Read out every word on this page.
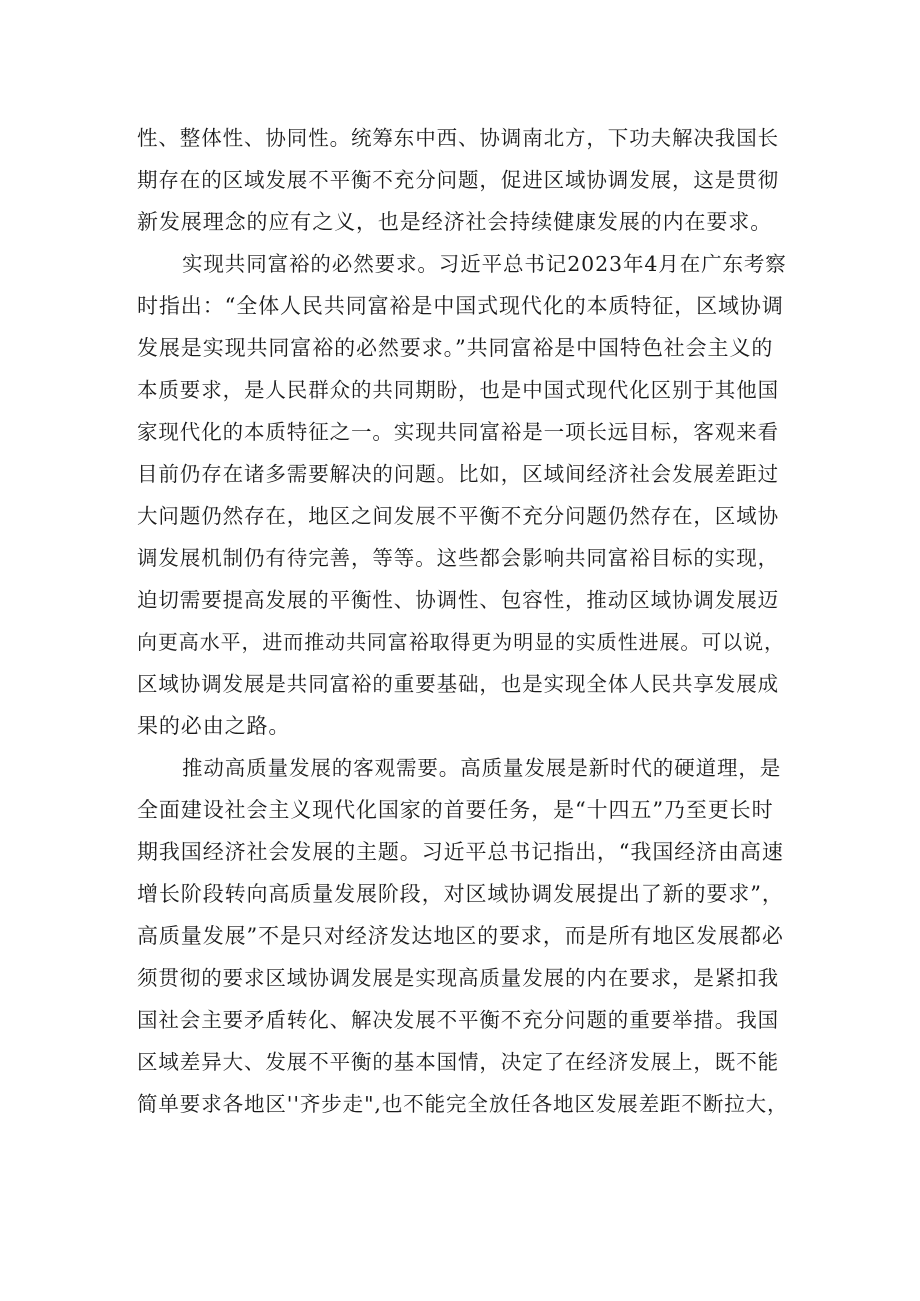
性、整体性、协同性。统筹东中西、协调南北方，下功夫解决我国长
期存在的区域发展不平衡不充分问题，促进区域协调发展，这是贯彻
新发展理念的应有之义，也是经济社会持续健康发展的内在要求。
实现共同富裕的必然要求。习近平总书记2023年4月在广东考察
时指出：“全体人民共同富裕是中国式现代化的本质特征，区域协调
发展是实现共同富裕的必然要求。”共同富裕是中国特色社会主义的
本质要求，是人民群众的共同期盼，也是中国式现代化区别于其他国
家现代化的本质特征之一。实现共同富裕是一项长远目标，客观来看
目前仍存在诸多需要解决的问题。比如，区域间经济社会发展差距过
大问题仍然存在，地区之间发展不平衡不充分问题仍然存在，区域协
调发展机制仍有待完善，等等。这些都会影响共同富裕目标的实现，
迫切需要提高发展的平衡性、协调性、包容性，推动区域协调发展迈
向更高水平，进而推动共同富裕取得更为明显的实质性进展。可以说，
区域协调发展是共同富裕的重要基础，也是实现全体人民共享发展成
果的必由之路。
推动高质量发展的客观需要。高质量发展是新时代的硬道理，是
全面建设社会主义现代化国家的首要任务，是“十四五”乃至更长时
期我国经济社会发展的主题。习近平总书记指出，“我国经济由高速
增长阶段转向高质量发展阶段，对区域协调发展提出了新的要求”，
高质量发展”不是只对经济发达地区的要求，而是所有地区发展都必
须贯彻的要求区域协调发展是实现高质量发展的内在要求，是紧扣我
国社会主要矛盾转化、解决发展不平衡不充分问题的重要举措。我国
区域差异大、发展不平衡的基本国情，决定了在经济发展上，既不能
简单要求各地区''齐步走",也不能完全放任各地区发展差距不断拉大，
